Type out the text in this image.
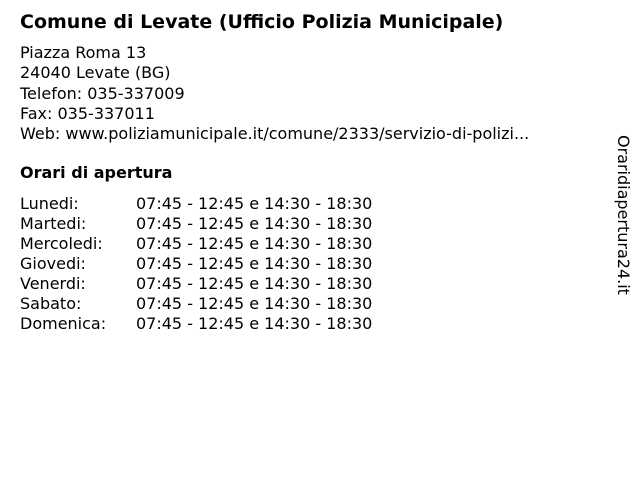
Comune di Levate (Ufficio Polizia Municipale)
Piazza Roma 13
24040 Levate (BG)
Telefon: 035-337009
Fax: 035-337011
Web: www.poliziamunicipale.it/comune/2333/servizio-di-polizi...
Orari di apertura
Lunedi:	07:45 - 12:45 e 14:30 - 18:30
Martedi:	07:45 - 12:45 e 14:30 - 18:30
Mercoledi:	07:45 - 12:45 e 14:30 - 18:30
Giovedi:	07:45 - 12:45 e 14:30 - 18:30
Venerdi:	07:45 - 12:45 e 14:30 - 18:30
Sabato:	07:45 - 12:45 e 14:30 - 18:30
Domenica:	07:45 - 12:45 e 14:30 - 18:30
Oraridiapertura24.it
